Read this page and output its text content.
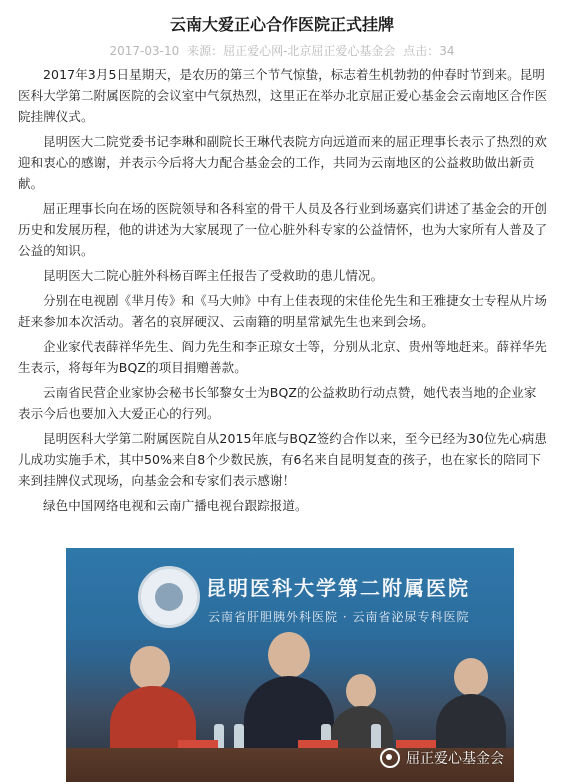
云南大爱正心合作医院正式挂牌
2017-03-10 来源：屈正爱心网-北京屈正爱心基金会 点击：34

2017年3月5日星期天，是农历的第三个节气惊蛰，标志着生机勃勃的仲春时节到来。昆明医科大学第二附属医院的会议室中气氛热烈，这里正在举办北京屈正爱心基金会云南地区合作医院挂牌仪式。

昆明医大二院党委书记李琳和副院长王琳代表院方向远道而来的屈正理事长表示了热烈的欢迎和衷心的感谢，并表示今后将大力配合基金会的工作，共同为云南地区的公益救助做出新贡献。

屈正理事长向在场的医院领导和各科室的骨干人员及各行业到场嘉宾们讲述了基金会的开创历史和发展历程，他的讲述为大家展现了一位心脏外科专家的公益情怀，也为大家所有人普及了公益的知识。

昆明医大二院心脏外科杨百晖主任报告了受救助的患儿情况。

分别在电视剧《芈月传》和《马大帅》中有上佳表现的宋佳伦先生和王雅捷女士专程从片场赶来参加本次活动。著名的哀屏硬汉、云南籍的明星常斌先生也来到会场。

企业家代表薛祥华先生、阎力先生和李正琼女士等，分别从北京、贵州等地赶来。薛祥华先生表示，将每年为BQZ的项目捐赠善款。

云南省民营企业家协会秘书长邹黎女士为BQZ的公益救助行动点赞，她代表当地的企业家表示今后也要加入大爱正心的行列。

昆明医科大学第二附属医院自从2015年底与BQZ签约合作以来，至今已经为30位先心病患儿成功实施手术，其中50%来自8个少数民族，有6名来自昆明复查的孩子，也在家长的陪同下来到挂牌仪式现场，向基金会和专家们表示感谢！

绿色中国网络电视和云南广播电视台跟踪报道。

昆明医科大学第二附属医院
云南省肝胆胰外科医院 · 云南省泌尿专科医院
屈正爱心基金会
